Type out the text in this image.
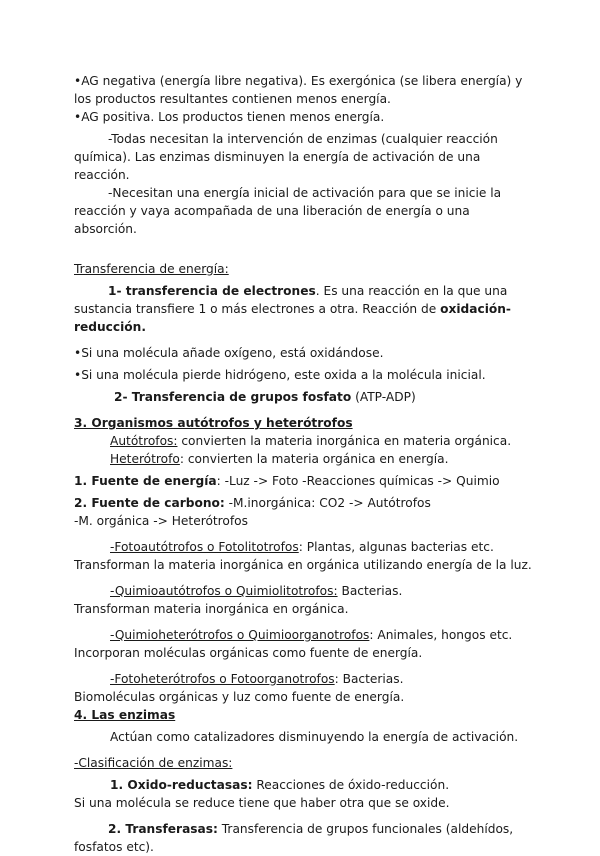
•AG negativa (energía libre negativa). Es exergónica (se libera energía) y los productos resultantes contienen menos energía.

•AG positiva. Los productos tienen menos energía.

-Todas necesitan la intervención de enzimas (cualquier reacción química). Las enzimas disminuyen la energía de activación de una reacción.

-Necesitan una energía inicial de activación para que se inicie la reacción y vaya acompañada de una liberación de energía o una absorción.

Transferencia de energía:

1- transferencia de electrones. Es una reacción en la que una sustancia transfiere 1 o más electrones a otra. Reacción de oxidación-reducción.

•Si una molécula añade oxígeno, está oxidándose.

•Si una molécula pierde hidrógeno, este oxida a la molécula inicial.

2- Transferencia de grupos fosfato (ATP-ADP)

3. Organismos autótrofos y heterótrofos

Autótrofos: convierten la materia inorgánica en materia orgánica.

Heterótrofo: convierten la materia orgánica en energía.

1. Fuente de energía: -Luz -> Foto -Reacciones químicas -> Quimio

2. Fuente de carbono: -M.inorgánica: CO2 -> Autótrofos

-M. orgánica -> Heterótrofos

-Fotoautótrofos o Fotolitotrofos: Plantas, algunas bacterias etc.

Transforman la materia inorgánica en orgánica utilizando energía de la luz.

-Quimioautótrofos o Quimiolitotrofos: Bacterias.

Transforman materia inorgánica en orgánica.

-Quimioheterótrofos o Quimioorganotrofos: Animales, hongos etc.

Incorporan moléculas orgánicas como fuente de energía.

-Fotoheterótrofos o Fotoorganotrofos: Bacterias.

Biomoléculas orgánicas y luz como fuente de energía.

4. Las enzimas

Actúan como catalizadores disminuyendo la energía de activación.

-Clasificación de enzimas:

1. Oxido-reductasas: Reacciones de óxido-reducción.

Si una molécula se reduce tiene que haber otra que se oxide.

2. Transferasas: Transferencia de grupos funcionales (aldehídos, fosfatos etc).
